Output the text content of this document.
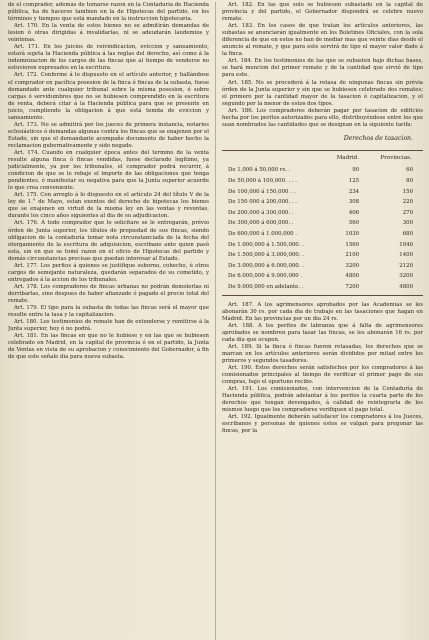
de el comprador, además de tomarse razon en la Contaduría de Hacienda pública, ha de hacerse tambien en la de Hipotecas del partido, en los términos y tiempos que está mandado en la instruccion hipotecaria.

Art. 170. En la venta de estos bienes no se admitirán demandas de lesion ó otras dirigidas á invalidarlas, ni se adeudarán laudemios y veintenas.

Art. 171. En los juicios de reivindicacion, eviccion y saneamiento, estará sujeta la Hacienda pública á las reglas del derecho, así como á la indemnizacion de los cargos de las fincas que al tiempo de venderse no estuvieren expresados en la escritura.

Art. 172. Conforme á lo dispuesto en el artículo anterior, y hallándose el comprador en pacífica posesion de la finca ó fincas de la subasta, fuese demandado ante cualquier tribunal sobre la misma posesion, ó sobre cargas ó servidumbres que no se hubiesen comprendido en la escritura de venta, deberá citar á la Hacienda pública para que se presente en juicio, cumpliendo la obligacion á que está tenida de eviccion y saneamiento.

Art. 173. No se admitirá por los jueces de primera instancia, notarios eclesiásticos ó demandas algunas contra los fincas que se enajenen por el Estado, sin que el demandante acompañe documento de haber hecho la reclamacion gubernativamente y sido negado.

Art. 174. Cuando en cualquier época antes del termino de la venta resulte alguna finca ó fincas vendidas, fuese declarado legítimo, ya judicialmente, ya por los tribunales, el comprador podrá recurrir, á condicion de que se le rebaje el importe de las obligaciones que tenga pendientes, ó manifestar su negativa para que la Junta superior acuerde lo que crea conveniente.

Art. 175. Con arreglo á lo dispuesto en el artículo 24 del título V de la ley de 1.° de Mayo, estan exentos del derecho de hipotecas los bienes que se enajenen en virtud de la misma ley en las ventas y reventas, durante los cinco años siguientes al dia de su adjudicacion.

Art. 176. A todo comprador que lo solicitare se le entregarán, prévio órden de Junta superior, los títulos de propiedad de sus fincas, siendo obligacion de la contaduría tomar nota circunstanciada de la fecha del otorgamiento de la escritura de adquisicion, escribano ante quien pasó esta, sin en que se tomó razon en el oficio de Hipotecas del partido y demás circunstancias precisas que puedan interesar al Estado.

Art. 177. Los peritos á quienes se justifique soborno, cohecho, ú otros cargos de semejante naturaleza, quedarán separados de su cometido, y entregados á la accion de los tribunales.

Art. 178. Los compradores de fincas urbanas no podrán demolerlas ni derribarlas, sino despues de haber afianzado ó pagado el precio total del remate.

Art. 179. El tipo para la subasta de todas las fincas será el mayor que resulte entre la tasa y la capitalizacion.

Art. 180. Los testimonios de remate han de extenderse y remitirse á la Junta superior, hoy ó no podrá.

Art. 181. En las fincas en que no le hubiese y en las que se hubiesen celebrado en Madrid, en la capital de provincia ó en el partido, la Junta de Ventas en vista de su aprobacion y conocimiento del Gobernador, á fin de que este señale dia para nueva subasta.

Art. 182. En las que solo se hubiesen subastado en la capital de provincia y del partido, el Gobernador dispondrá se celebre nuevo remate.

Art. 183. En los casos de que tratan los artículos anteriores, las subastas se anunciarán igualmente en los Boletines Oficiales, con la sola diferencia de que en estos no han de mediar mas que veinte dias desde el anuncio al remate, y que para este servirá de tipo el mayor valor dado á la finca.

Art. 184. En los testimonios de las que se subasten bajo dichas bases, se hará mencion del primer remate y de la cantidad que sirvió de tipo para este.

Art. 185. No se procederá á la retasa de ningunas fincas sin prévia órden de la Junta superior y sin que se hubiesen celebrado dos remates; el primero por la cantidad mayor de la tasacion ó capitalizacion, y el segundo por la menor de estos dos tipos.

Art. 186. Los compradores deberán pagar por tasacion de edificios hecha por los peritos autorizados para ello, distribuyéndose entre los que sean nombrados las cantidades que se designan en la siguiente tarifa:

Derechos de tasacion.
	Madrid.	Provincias.
De 1,000 á 50,000 rs. .	90	60
De 50,000 á 100,000. . . .	125	80
De 100,000 á 150,000 . .	234	150
De 150 000 á 200,000. . .	308	220
De 200,000 á 300,000. .	406	270
De 300,000 á 600,000. .	560	300
De 600,000 á 1.000,000 .	1030	680
De 1.000,000 á 1.500,000. .	1560	1040
De 1.500,000 á 3.000,000. .	2100	1400
De 3.000,000 á 6.000,000. .	3200	2120
De 6.000,000 á 9.000,000 .	4800	3200
De 9.000,000 en adelante. .	7200	4800

Art. 187. A los agrimensores aprobados por las Academias se les abonarán 30 rs. por cada dia de trabajo en las tasaciones que hagan en Madrid. En las provincias por un dia 24 rs.

Art. 188. A los peritos de labranza que á falta de agrimensores aprobados se nombren para tasar las fincas, se les abonarán 16 rs. por cada dia que ocupen.

Art. 189. Si la finca ó fincas fueren retasadas, los derechos que se marcan en los artículos anteriores serán divididos por mitad entre los primeros y segundos tasadores.

Art. 190. Estos derechos serán satisfechos por los compradores á las comisionados principales al tiempo de verificar el primer pago de sus compras, bajo el oportuno recibo.

Art. 191. Los comisionados, con intervencion de la Contaduría de Hacienda pública, podrán adelantar á los peritos la cuarta parte de los derechos que tengan devengados, á calidad de reintegrarla de los mismos luego que los compradores verifiquen el pago total.

Art. 192. Igualmente deberán satisfacer los compradores á los Jueces, escribanos y personas de quienes estos se valgan para pregonar las fincas, por la
